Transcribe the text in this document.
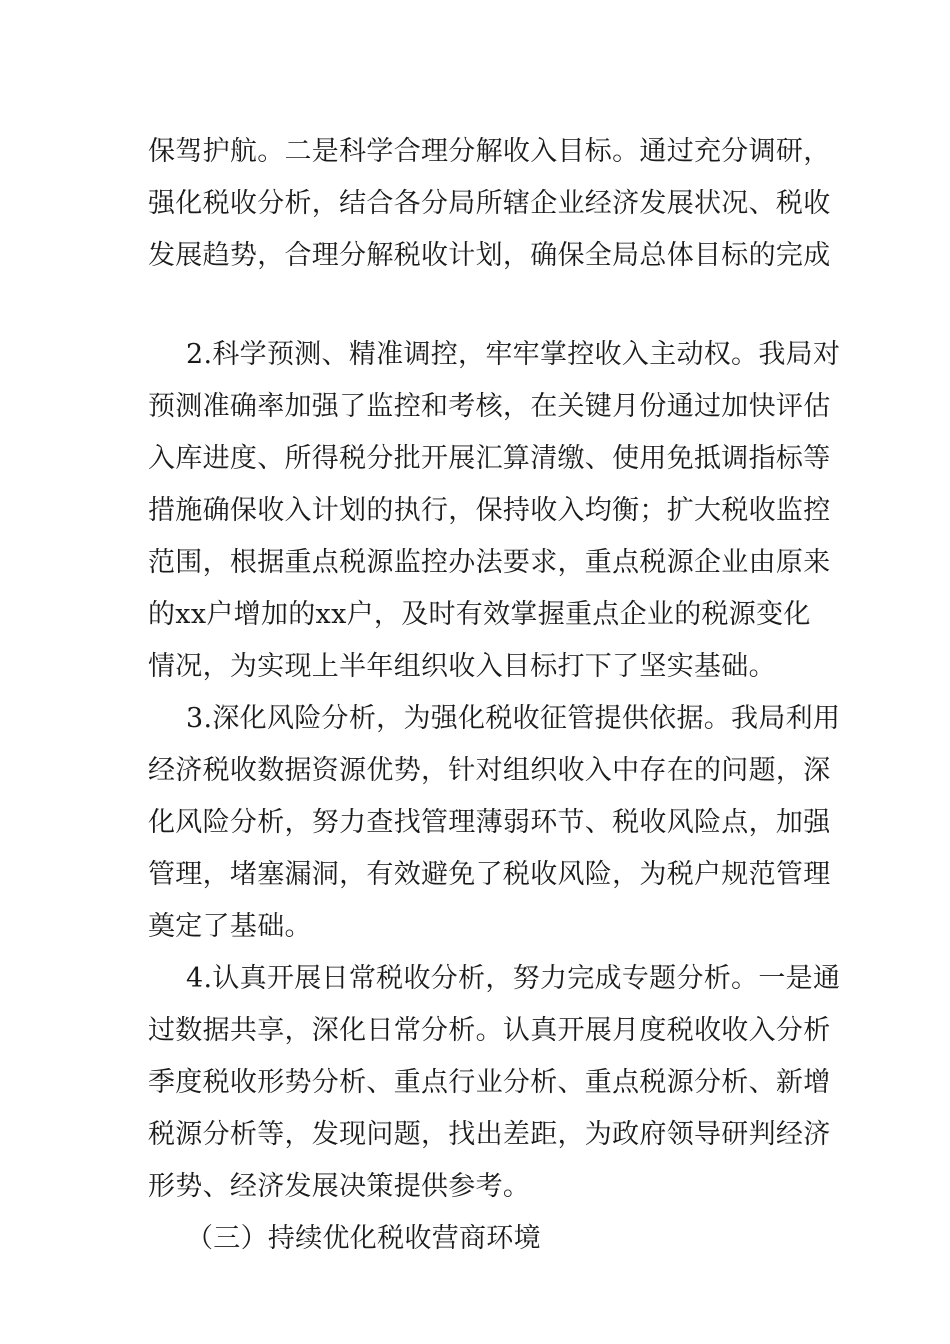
保驾护航。二是科学合理分解收入目标。通过充分调研，
强化税收分析，结合各分局所辖企业经济发展状况、税收
发展趋势，合理分解税收计划，确保全局总体目标的完成
2.科学预测、精准调控，牢牢掌控收入主动权。我局对
预测准确率加强了监控和考核，在关键月份通过加快评估
入库进度、所得税分批开展汇算清缴、使用免抵调指标等
措施确保收入计划的执行，保持收入均衡；扩大税收监控
范围，根据重点税源监控办法要求，重点税源企业由原来
的xx户增加的xx户，及时有效掌握重点企业的税源变化
情况，为实现上半年组织收入目标打下了坚实基础。
3.深化风险分析，为强化税收征管提供依据。我局利用
经济税收数据资源优势，针对组织收入中存在的问题，深
化风险分析，努力查找管理薄弱环节、税收风险点，加强
管理，堵塞漏洞，有效避免了税收风险，为税户规范管理
奠定了基础。
4.认真开展日常税收分析，努力完成专题分析。一是通
过数据共享，深化日常分析。认真开展月度税收收入分析
季度税收形势分析、重点行业分析、重点税源分析、新增
税源分析等，发现问题，找出差距，为政府领导研判经济
形势、经济发展决策提供参考。
（三）持续优化税收营商环境
